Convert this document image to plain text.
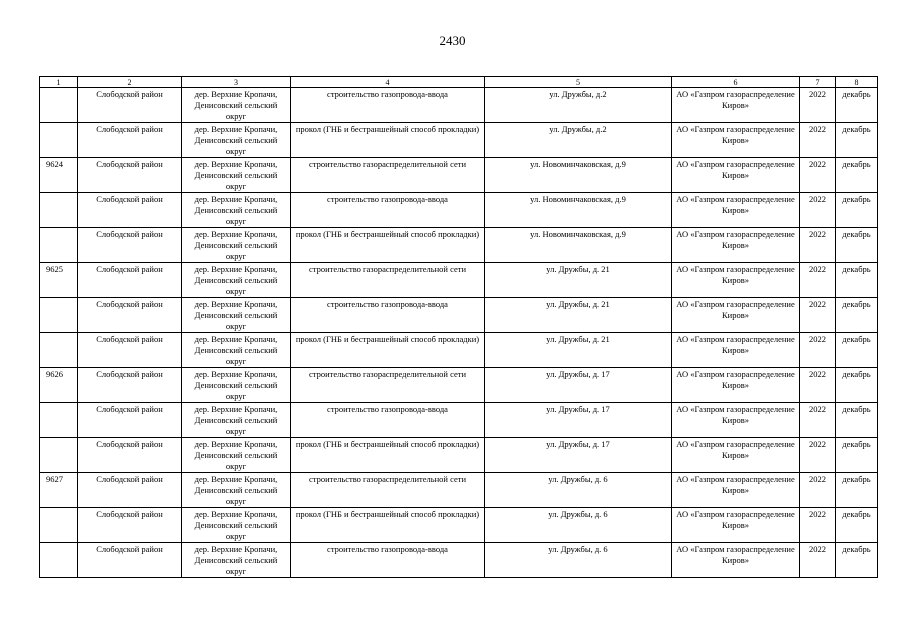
2430
1	2	3	4	5	6	7	8
	Слободской район	дер. Верхние Кропачи, Денисовский сельский округ	строительство газопровода-ввода	ул. Дружбы, д.2	АО «Газпром газораспределение Киров»	2022	декабрь
	Слободской район	дер. Верхние Кропачи, Денисовский сельский округ	прокол (ГНБ и бестраншейный способ прокладки)	ул. Дружбы, д.2	АО «Газпром газораспределение Киров»	2022	декабрь
9624	Слободской район	дер. Верхние Кропачи, Денисовский сельский округ	строительство газораспределительной сети	ул. Новоминчаковская, д.9	АО «Газпром газораспределение Киров»	2022	декабрь
	Слободской район	дер. Верхние Кропачи, Денисовский сельский округ	строительство газопровода-ввода	ул. Новоминчаковская, д.9	АО «Газпром газораспределение Киров»	2022	декабрь
	Слободской район	дер. Верхние Кропачи, Денисовский сельский округ	прокол (ГНБ и бестраншейный способ прокладки)	ул. Новоминчаковская, д.9	АО «Газпром газораспределение Киров»	2022	декабрь
9625	Слободской район	дер. Верхние Кропачи, Денисовский сельский округ	строительство газораспределительной сети	ул. Дружбы, д. 21	АО «Газпром газораспределение Киров»	2022	декабрь
	Слободской район	дер. Верхние Кропачи, Денисовский сельский округ	строительство газопровода-ввода	ул. Дружбы, д. 21	АО «Газпром газораспределение Киров»	2022	декабрь
	Слободской район	дер. Верхние Кропачи, Денисовский сельский округ	прокол (ГНБ и бестраншейный способ прокладки)	ул. Дружбы, д. 21	АО «Газпром газораспределение Киров»	2022	декабрь
9626	Слободской район	дер. Верхние Кропачи, Денисовский сельский округ	строительство газораспределительной сети	ул. Дружбы, д. 17	АО «Газпром газораспределение Киров»	2022	декабрь
	Слободской район	дер. Верхние Кропачи, Денисовский сельский округ	строительство газопровода-ввода	ул. Дружбы, д. 17	АО «Газпром газораспределение Киров»	2022	декабрь
	Слободской район	дер. Верхние Кропачи, Денисовский сельский округ	прокол (ГНБ и бестраншейный способ прокладки)	ул. Дружбы, д. 17	АО «Газпром газораспределение Киров»	2022	декабрь
9627	Слободской район	дер. Верхние Кропачи, Денисовский сельский округ	строительство газораспределительной сети	ул. Дружбы, д. 6	АО «Газпром газораспределение Киров»	2022	декабрь
	Слободской район	дер. Верхние Кропачи, Денисовский сельский округ	прокол (ГНБ и бестраншейный способ прокладки)	ул. Дружбы, д. 6	АО «Газпром газораспределение Киров»	2022	декабрь
	Слободской район	дер. Верхние Кропачи, Денисовский сельский округ	строительство газопровода-ввода	ул. Дружбы, д. 6	АО «Газпром газораспределение Киров»	2022	декабрь
